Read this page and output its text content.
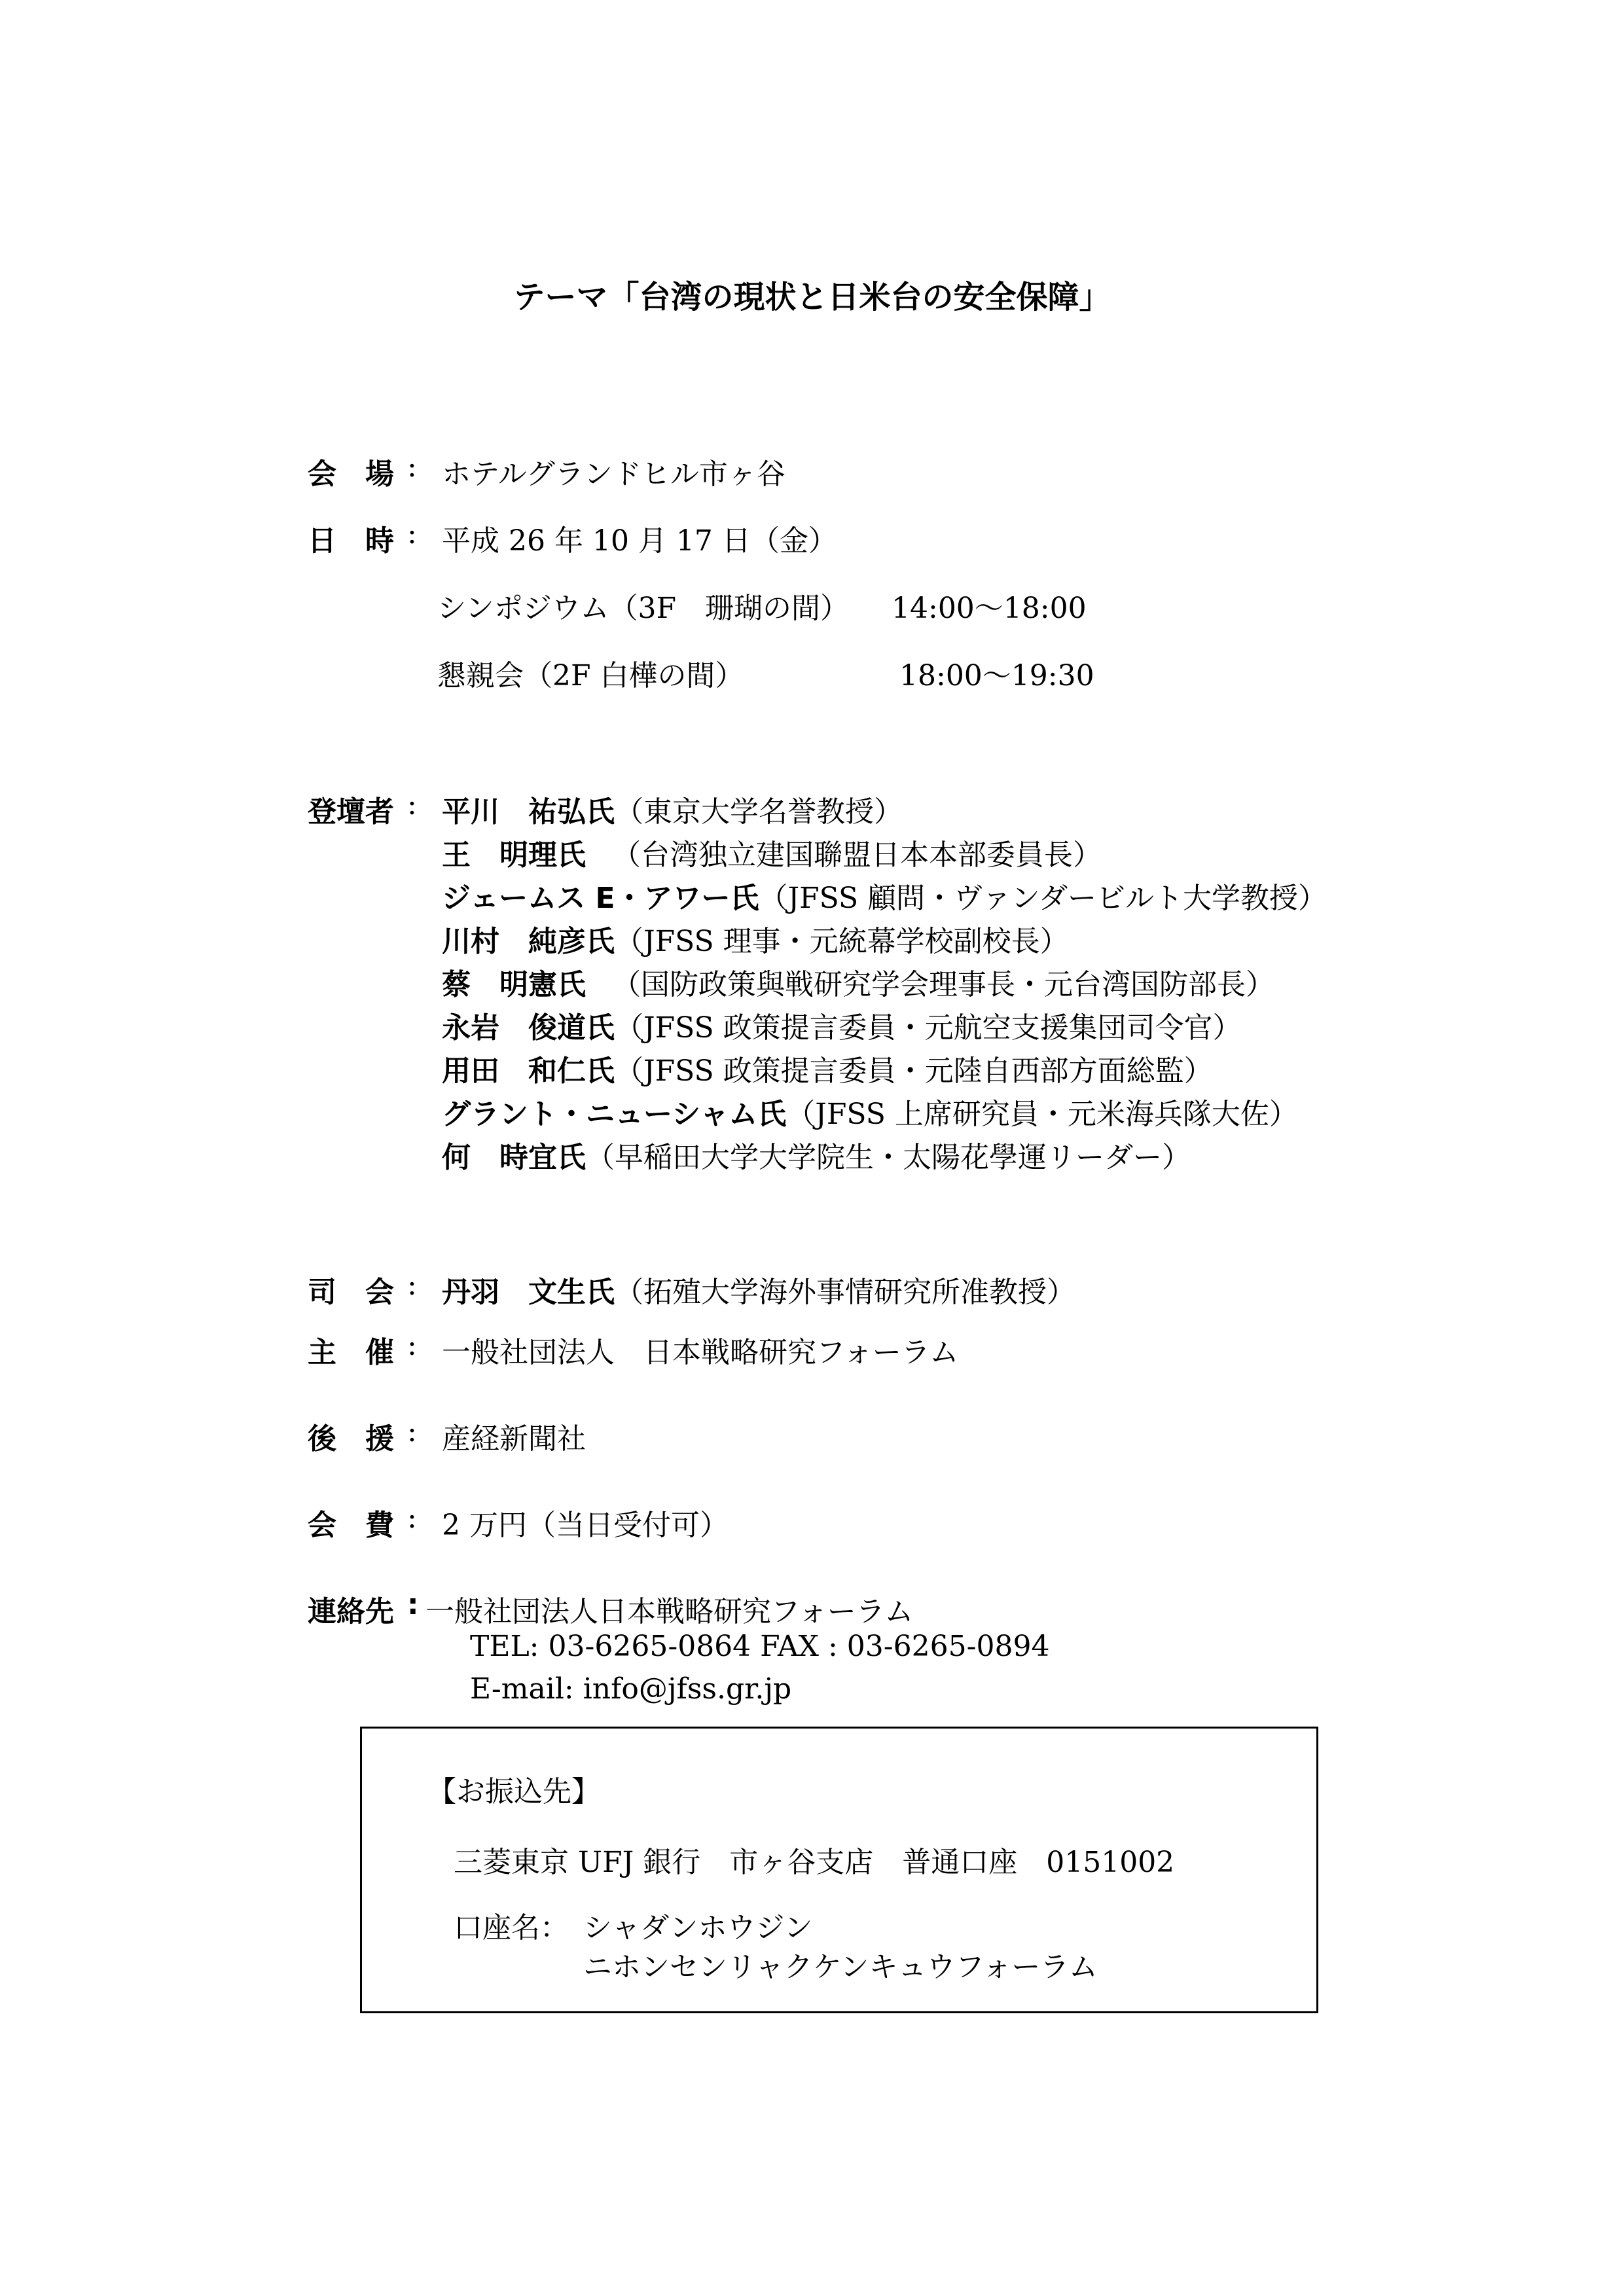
テーマ「台湾の現状と日米台の安全保障」
会　場 : ホテルグランドヒル市ヶ谷
日　時 : 平成 26 年 10 月 17 日（金）
シンポジウム（3F　珊瑚の間） 14:00～18:00
懇親会（2F 白樺の間）	18:00～19:30
登壇者 : 平川　祐弘氏（東京大学名誉教授）
王　明理氏 （台湾独立建国聯盟日本本部委員長）
ジェームス E・アワー氏（JFSS 顧問・ヴァンダービルト大学教授）
川村　純彦氏（JFSS 理事・元統幕学校副校長）
蔡　明憲氏 （国防政策與戦研究学会理事長・元台湾国防部長）
永岩　俊道氏（JFSS 政策提言委員・元航空支援集団司令官）
用田　和仁氏（JFSS 政策提言委員・元陸自西部方面総監）
グラント・ニューシャム氏（JFSS 上席研究員・元米海兵隊大佐）
何　時宜氏（早稲田大学大学院生・太陽花學運リーダー）
司　会 : 丹羽　文生氏（拓殖大学海外事情研究所准教授）
主　催 : 一般社団法人　日本戦略研究フォーラム
後　援 : 産経新聞社
会　費 : 2 万円（当日受付可）
連絡先 : 一般社団法人日本戦略研究フォーラム
TEL: 03-6265-0864 FAX : 03-6265-0894
E-mail: info@jfss.gr.jp
【お振込先】
三菱東京 UFJ 銀行　市ヶ谷支店　普通口座　0151002
口座名： シャダンホウジン
ニホンセンリャクケンキュウフォーラム
